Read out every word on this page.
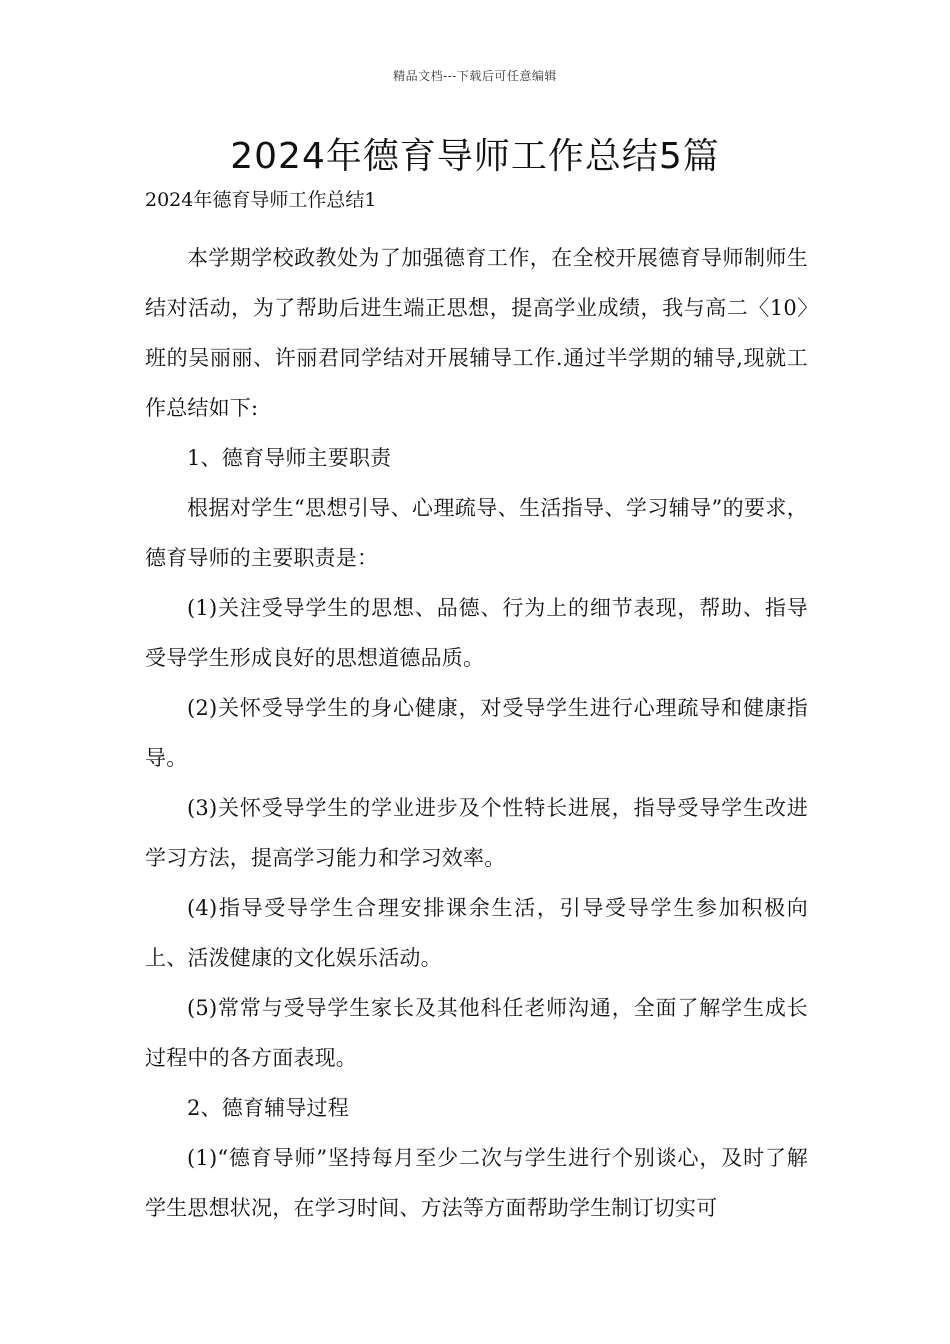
精品文档---下载后可任意编辑
2024年德育导师工作总结5篇

2024年德育导师工作总结1

本学期学校政教处为了加强德育工作，在全校开展德育导师制师生结对活动，为了帮助后进生端正思想，提高学业成绩，我与高二〈10〉班的吴丽丽、许丽君同学结对开展辅导工作.通过半学期的辅导,现就工作总结如下:

1、德育导师主要职责

根据对学生“思想引导、心理疏导、生活指导、学习辅导”的要求，德育导师的主要职责是：

(1)关注受导学生的思想、品德、行为上的细节表现，帮助、指导受导学生形成良好的思想道德品质。

(2)关怀受导学生的身心健康，对受导学生进行心理疏导和健康指导。

(3)关怀受导学生的学业进步及个性特长进展，指导受导学生改进学习方法，提高学习能力和学习效率。

(4)指导受导学生合理安排课余生活，引导受导学生参加积极向上、活泼健康的文化娱乐活动。

(5)常常与受导学生家长及其他科任老师沟通，全面了解学生成长过程中的各方面表现。

2、德育辅导过程

(1)“德育导师”坚持每月至少二次与学生进行个别谈心，及时了解学生思想状况，在学习时间、方法等方面帮助学生制订切实可
